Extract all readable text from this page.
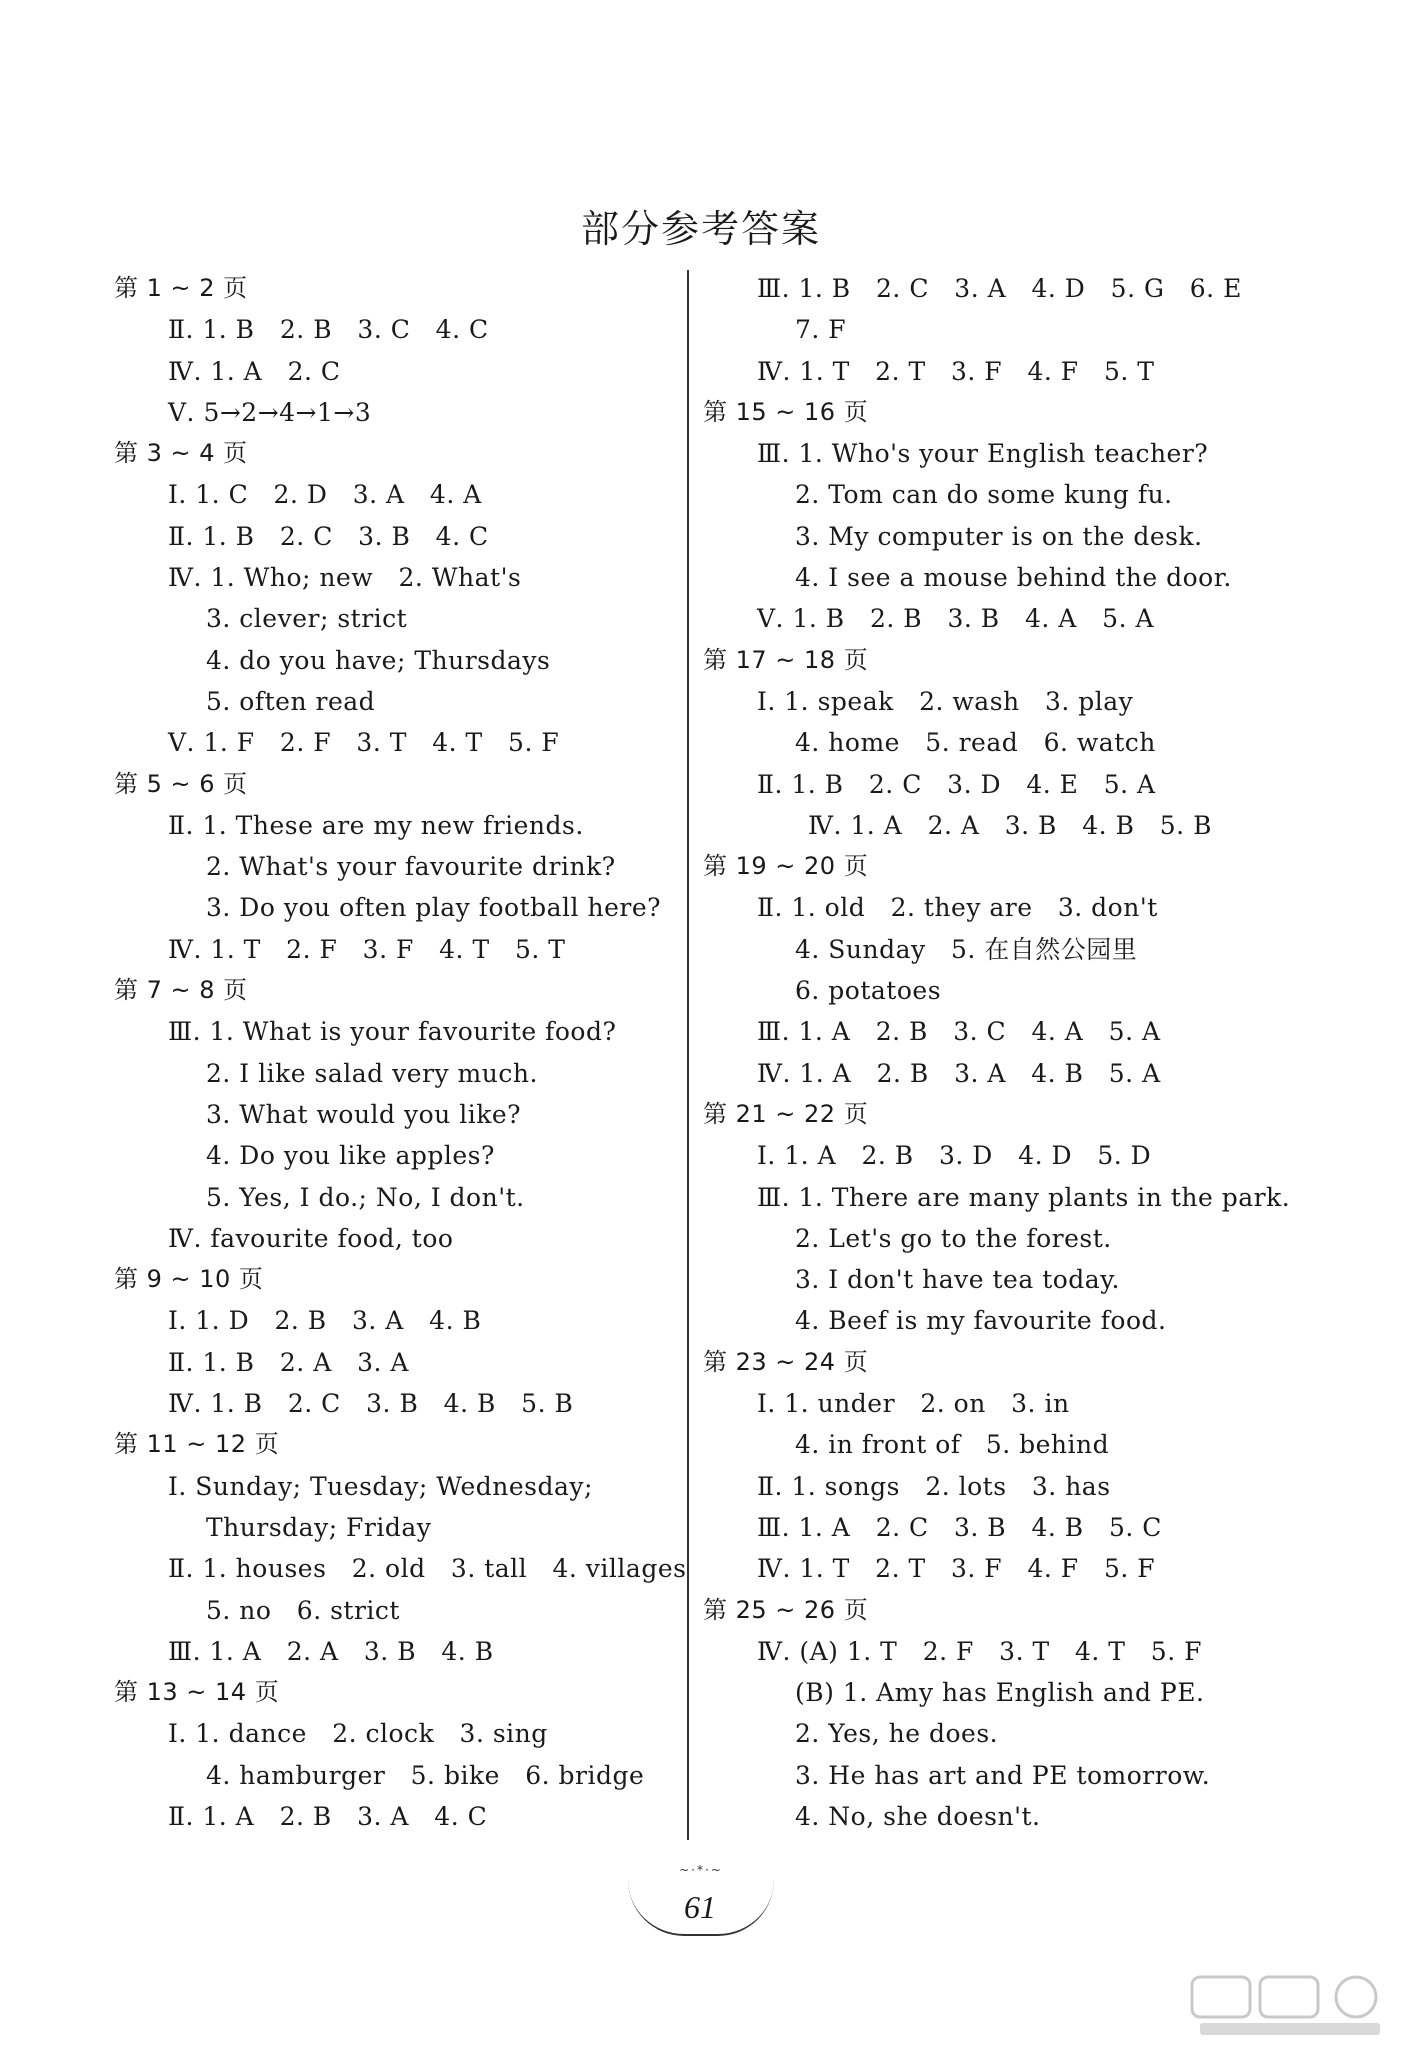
部分参考答案
第 1 ~ 2 页
Ⅱ. 1. B   2. B   3. C   4. C
Ⅳ. 1. A   2. C
Ⅴ. 5→2→4→1→3
第 3 ~ 4 页
Ⅰ. 1. C   2. D   3. A   4. A
Ⅱ. 1. B   2. C   3. B   4. C
Ⅳ. 1. Who; new   2. What's
3. clever; strict
4. do you have; Thursdays
5. often read
Ⅴ. 1. F   2. F   3. T   4. T   5. F
第 5 ~ 6 页
Ⅱ. 1. These are my new friends.
2. What's your favourite drink?
3. Do you often play football here?
Ⅳ. 1. T   2. F   3. F   4. T   5. T
第 7 ~ 8 页
Ⅲ. 1. What is your favourite food?
2. I like salad very much.
3. What would you like?
4. Do you like apples?
5. Yes, I do.; No, I don't.
Ⅳ. favourite food, too
第 9 ~ 10 页
Ⅰ. 1. D   2. B   3. A   4. B
Ⅱ. 1. B   2. A   3. A
Ⅳ. 1. B   2. C   3. B   4. B   5. B
第 11 ~ 12 页
Ⅰ. Sunday; Tuesday; Wednesday;
Thursday; Friday
Ⅱ. 1. houses   2. old   3. tall   4. villages
5. no   6. strict
Ⅲ. 1. A   2. A   3. B   4. B
第 13 ~ 14 页
Ⅰ. 1. dance   2. clock   3. sing
4. hamburger   5. bike   6. bridge
Ⅱ. 1. A   2. B   3. A   4. C
Ⅲ. 1. B   2. C   3. A   4. D   5. G   6. E
7. F
Ⅳ. 1. T   2. T   3. F   4. F   5. T
第 15 ~ 16 页
Ⅲ. 1. Who's your English teacher?
2. Tom can do some kung fu.
3. My computer is on the desk.
4. I see a mouse behind the door.
Ⅴ. 1. B   2. B   3. B   4. A   5. A
第 17 ~ 18 页
Ⅰ. 1. speak   2. wash   3. play
4. home   5. read   6. watch
Ⅱ. 1. B   2. C   3. D   4. E   5. A
Ⅳ. 1. A   2. A   3. B   4. B   5. B
第 19 ~ 20 页
Ⅱ. 1. old   2. they are   3. don't
4. Sunday   5. 在自然公园里
6. potatoes
Ⅲ. 1. A   2. B   3. C   4. A   5. A
Ⅳ. 1. A   2. B   3. A   4. B   5. A
第 21 ~ 22 页
Ⅰ. 1. A   2. B   3. D   4. D   5. D
Ⅲ. 1. There are many plants in the park.
2. Let's go to the forest.
3. I don't have tea today.
4. Beef is my favourite food.
第 23 ~ 24 页
Ⅰ. 1. under   2. on   3. in
4. in front of   5. behind
Ⅱ. 1. songs   2. lots   3. has
Ⅲ. 1. A   2. C   3. B   4. B   5. C
Ⅳ. 1. T   2. T   3. F   4. F   5. F
第 25 ~ 26 页
Ⅳ. (A) 1. T   2. F   3. T   4. T   5. F
(B) 1. Amy has English and PE.
2. Yes, he does.
3. He has art and PE tomorrow.
4. No, she doesn't.
~·*·~
61
